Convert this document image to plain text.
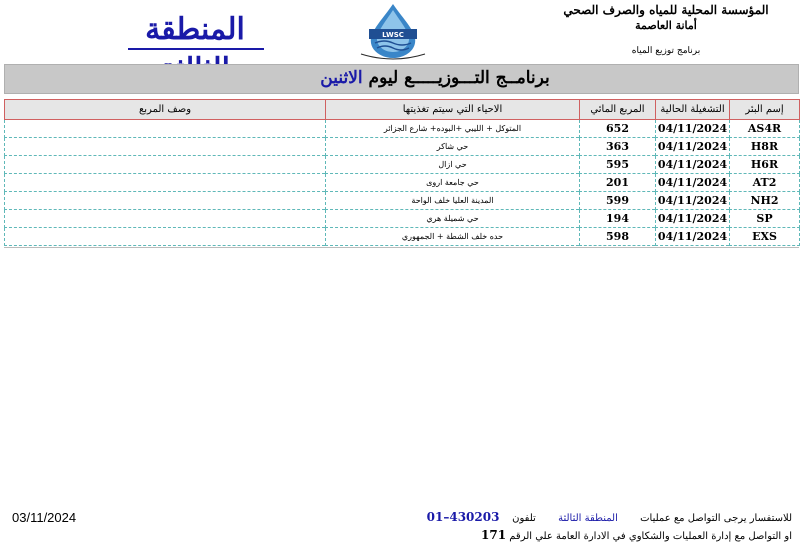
المؤسسة المحلية للمياه والصرف الصحي
أمانة العاصمة
برنامج توزيع المياه
LWSC
المنطقة
برنامــج التـــوزيـــــع ليوم الاثنين
إسم البئر	التشغيلة الحالية	المربع المائي	الاحياء التي سيتم تغذيتها	وصف المربع
AS4R	04/11/2024	652	المتوكل + الليبي +البوده+ شارع الجزائر	
H8R	04/11/2024	363	حي شاكر	
H6R	04/11/2024	595	حي ازال	
AT2	04/11/2024	201	حي جامعة اروى	
NH2	04/11/2024	599	المدينة العليا خلف الواحة	
SP	04/11/2024	194	حي شميلة هري	
EXS	04/11/2024	598	حده خلف الشطة + الجمهوري	
03/11/2024	للاستفسار يرجى التواصل مع عمليات       المنطقة الثالثة       تلفون    430203–01
او التواصل مع إدارة العمليات والشكاوي في الادارة العامة علي الرقم 171
